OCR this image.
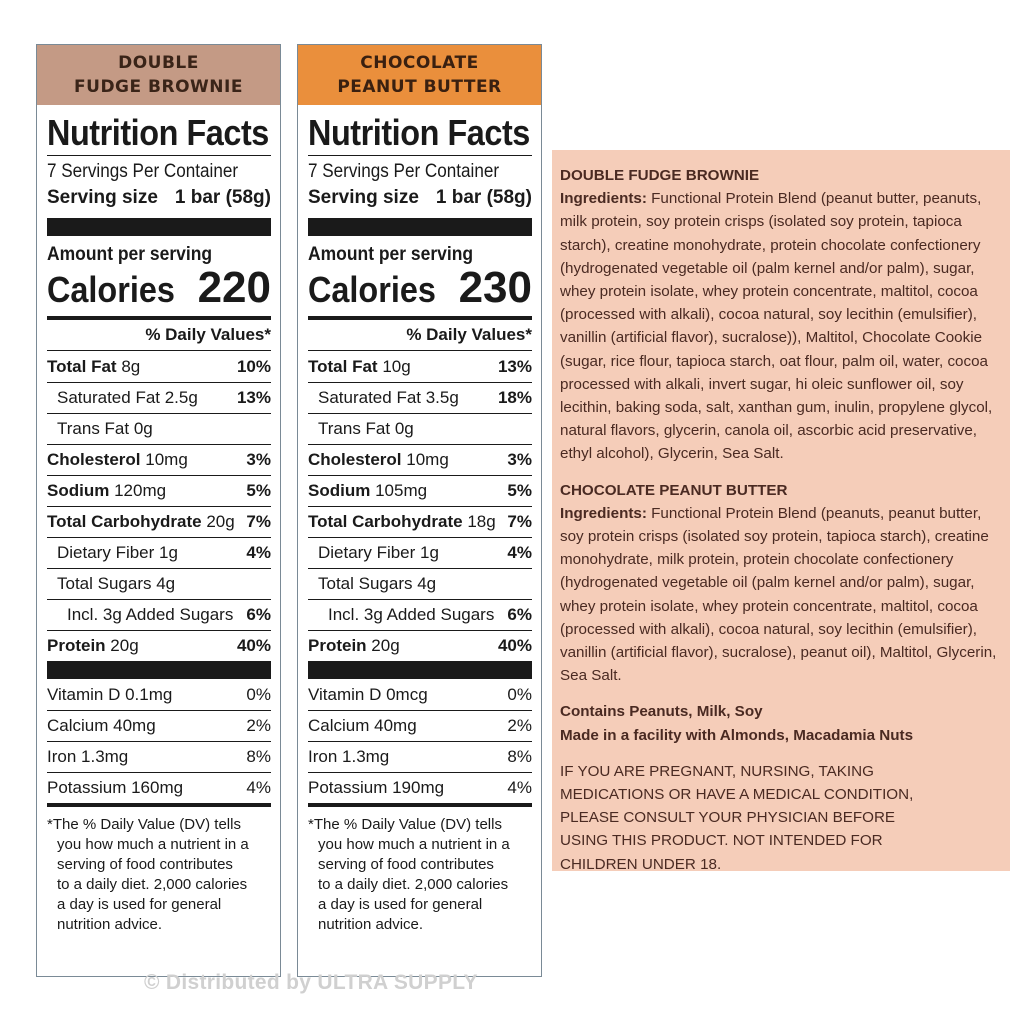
DOUBLE
FUDGE BROWNIE
Nutrition Facts
7 Servings Per Container
Serving size 1 bar (58g)
Amount per serving
Calories 220
% Daily Values*
Total Fat 8g	10%
Saturated Fat 2.5g 13%
Trans Fat 0g
Cholesterol 10mg	3%
Sodium 120mg	5%
Total Carbohydrate 20g 7%
Dietary Fiber 1g	4%
Total Sugars 4g
Incl. 3g Added Sugars 6%
Protein 20g	40%
Vitamin D 0.1mg	0%
Calcium 40mg	2%
Iron 1.3mg	8%
Potassium 160mg	4%
*The % Daily Value (DV) tells
you how much a nutrient in a
serving of food contributes
to a daily diet. 2,000 calories
a day is used for general
nutrition advice.
CHOCOLATE
PEANUT BUTTER
Nutrition Facts
7 Servings Per Container
Serving size 1 bar (58g)
Amount per serving
Calories 230
% Daily Values*
Total Fat 10g	13%
Saturated Fat 3.5g 18%
Trans Fat 0g
Cholesterol 10mg	3%
Sodium 105mg	5%
Total Carbohydrate 18g 7%
Dietary Fiber 1g	4%
Total Sugars 4g
Incl. 3g Added Sugars 6%
Protein 20g	40%
Vitamin D 0mcg	0%
Calcium 40mg	2%
Iron 1.3mg	8%
Potassium 190mg	4%
*The % Daily Value (DV) tells
you how much a nutrient in a
serving of food contributes
to a daily diet. 2,000 calories
a day is used for general
nutrition advice.

DOUBLE FUDGE BROWNIE

Ingredients: Functional Protein Blend (peanut butter, peanuts, milk protein, soy protein crisps (isolated soy protein, tapioca starch), creatine monohydrate, protein chocolate confectionery (hydrogenated vegetable oil (palm kernel and/or palm), sugar, whey protein isolate, whey protein concentrate, maltitol, cocoa (processed with alkali), cocoa natural, soy lecithin (emulsifier), vanillin (artificial flavor), sucralose)), Maltitol, Chocolate Cookie (sugar, rice flour, tapioca starch, oat flour, palm oil, water, cocoa processed with alkali, invert sugar, hi oleic sunflower oil, soy lecithin, baking soda, salt, xanthan gum, inulin, propylene glycol, natural flavors, glycerin, canola oil, ascorbic acid preservative, ethyl alcohol), Glycerin, Sea Salt.

CHOCOLATE PEANUT BUTTER

Ingredients: Functional Protein Blend (peanuts, peanut butter, soy protein crisps (isolated soy protein, tapioca starch), creatine monohydrate, milk protein, protein chocolate confectionery (hydrogenated vegetable oil (palm kernel and/or palm), sugar, whey protein isolate, whey protein concentrate, maltitol, cocoa (processed with alkali), cocoa natural, soy lecithin (emulsifier), vanillin (artificial flavor), sucralose), peanut oil), Maltitol, Glycerin, Sea Salt.

Contains Peanuts, Milk, Soy

Made in a facility with Almonds, Macadamia Nuts

IF YOU ARE PREGNANT, NURSING, TAKING MEDICATIONS OR HAVE A MEDICAL CONDITION, PLEASE CONSULT YOUR PHYSICIAN BEFORE USING THIS PRODUCT. NOT INTENDED FOR CHILDREN UNDER 18.

© Distributed by ULTRA SUPPLY
